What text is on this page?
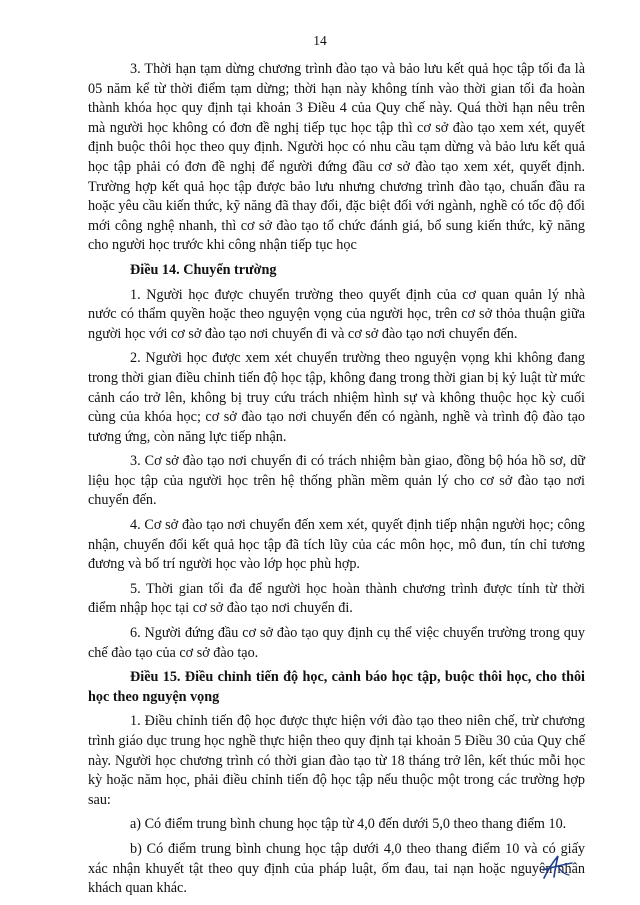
14

3. Thời hạn tạm dừng chương trình đào tạo và bảo lưu kết quả học tập tối đa là 05 năm kể từ thời điểm tạm dừng; thời hạn này không tính vào thời gian tối đa hoàn thành khóa học quy định tại khoản 3 Điều 4 của Quy chế này. Quá thời hạn nêu trên mà người học không có đơn đề nghị tiếp tục học tập thì cơ sở đào tạo xem xét, quyết định buộc thôi học theo quy định. Người học có nhu cầu tạm dừng và bảo lưu kết quả học tập phải có đơn đề nghị để người đứng đầu cơ sở đào tạo xem xét, quyết định. Trường hợp kết quả học tập được bảo lưu nhưng chương trình đào tạo, chuẩn đầu ra hoặc yêu cầu kiến thức, kỹ năng đã thay đổi, đặc biệt đối với ngành, nghề có tốc độ đổi mới công nghệ nhanh, thì cơ sở đào tạo tổ chức đánh giá, bổ sung kiến thức, kỹ năng cho người học trước khi công nhận tiếp tục học

Điều 14. Chuyển trường

1. Người học được chuyển trường theo quyết định của cơ quan quản lý nhà nước có thẩm quyền hoặc theo nguyện vọng của người học, trên cơ sở thỏa thuận giữa người học với cơ sở đào tạo nơi chuyển đi và cơ sở đào tạo nơi chuyển đến.

2. Người học được xem xét chuyển trường theo nguyện vọng khi không đang trong thời gian điều chỉnh tiến độ học tập, không đang trong thời gian bị kỷ luật từ mức cảnh cáo trở lên, không bị truy cứu trách nhiệm hình sự và không thuộc học kỳ cuối cùng của khóa học; cơ sở đào tạo nơi chuyển đến có ngành, nghề và trình độ đào tạo tương ứng, còn năng lực tiếp nhận.

3. Cơ sở đào tạo nơi chuyển đi có trách nhiệm bàn giao, đồng bộ hóa hồ sơ, dữ liệu học tập của người học trên hệ thống phần mềm quản lý cho cơ sở đào tạo nơi chuyển đến.

4. Cơ sở đào tạo nơi chuyển đến xem xét, quyết định tiếp nhận người học; công nhận, chuyển đổi kết quả học tập đã tích lũy của các môn học, mô đun, tín chỉ tương đương và bố trí người học vào lớp học phù hợp.

5. Thời gian tối đa để người học hoàn thành chương trình được tính từ thời điểm nhập học tại cơ sở đào tạo nơi chuyển đi.

6. Người đứng đầu cơ sở đào tạo quy định cụ thể việc chuyển trường trong quy chế đào tạo của cơ sở đào tạo.

Điều 15. Điều chỉnh tiến độ học, cảnh báo học tập, buộc thôi học, cho thôi học theo nguyện vọng

1. Điều chỉnh tiến độ học được thực hiện với đào tạo theo niên chế, trừ chương trình giáo dục trung học nghề thực hiện theo quy định tại khoản 5 Điều 30 của Quy chế này. Người học chương trình có thời gian đào tạo từ 18 tháng trở lên, kết thúc mỗi học kỳ hoặc năm học, phải điều chỉnh tiến độ học tập nếu thuộc một trong các trường hợp sau:

a) Có điểm trung bình chung học tập từ 4,0 đến dưới 5,0 theo thang điểm 10.

b) Có điểm trung bình chung học tập dưới 4,0 theo thang điểm 10 và có giấy xác nhận khuyết tật theo quy định của pháp luật, ốm đau, tai nạn hoặc nguyên nhân khách quan khác.
